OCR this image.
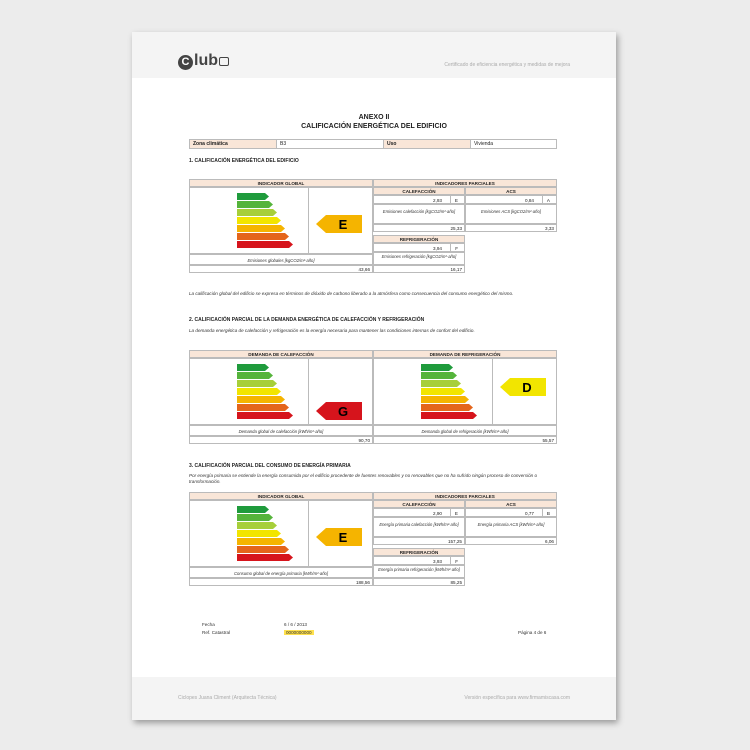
C lub	Certificado de eficiencia energética y medidas de mejora
ANEXO II
CALIFICACIÓN ENERGÉTICA DEL EDIFICIO
Zona climática	B3	Uso	Vivienda
1. CALIFICACIÓN ENERGÉTICA DEL EDIFICIO
INDICADOR GLOBAL	INDICADORES PARCIALES
E
Emisiones globales [kgCO2/m²·año]
43,66
CALEFACCIÓN	ACS
2,93	E	0,84	A
Emisiones calefacción [kgCO2/m²·año]	Emisiones ACS [kgCO2/m²·año]
25,33	3,33
REFRIGERACIÓN
3,94	F
Emisiones refrigeración [kgCO2/m²·año]
16,17
La calificación global del edificio se expresa en términos de dióxido de carbono liberado a la atmósfera como consecuencia del consumo energético del mismo.
2. CALIFICACIÓN PARCIAL DE LA DEMANDA ENERGÉTICA DE CALEFACCIÓN Y REFRIGERACIÓN
La demanda energética de calefacción y refrigeración es la energía necesaria para mantener las condiciones internas de confort del edificio.
DEMANDA DE CALEFACCIÓN	DEMANDA DE REFRIGERACIÓN
G
D
Demanda global de calefacción [kWh/m²·año]	Demanda global de refrigeración [kWh/m²·año]
90,70	55,57
3. CALIFICACIÓN PARCIAL DEL CONSUMO DE ENERGÍA PRIMARIA
Por energía primaria se entiende la energía consumida por el edificio procedente de fuentes renovables y no renovables que no ha sufrido ningún proceso de conversión o transformación.
INDICADOR GLOBAL	INDICADORES PARCIALES
E
Consumo global de energía primaria [kWh/m²·año]
188,56
CALEFACCIÓN	ACS
2,90	E	0,77	B
Energía primaria calefacción [kWh/m²·año]	Energía primaria ACS [kWh/m²·año]
157,25	6,06
REFRIGERACIÓN
3,93	F
Energía primaria refrigeración [kWh/m²·año]
85,25
Fecha	6 / 6 / 2013
Ref. Catastral	0000000000	Página 4 de 6
Ciclopes Juana Climent (Arquitecta Técnica)	Versión específica para www.firmamiscasa.com
